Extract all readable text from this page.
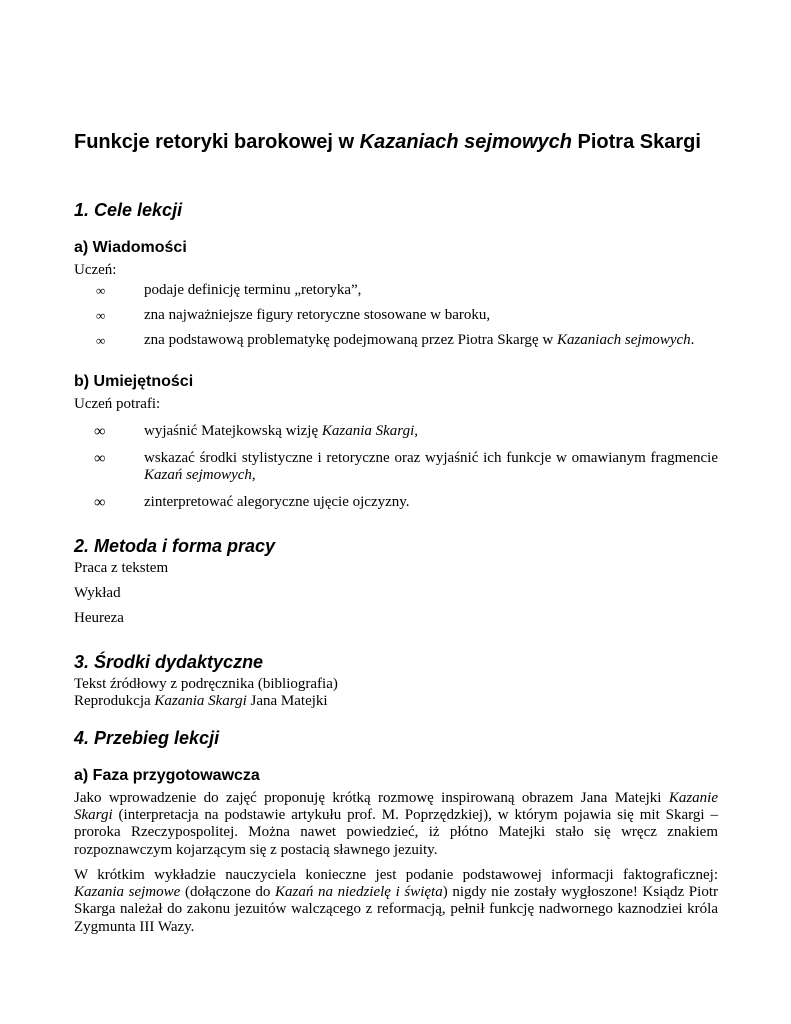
Funkcje retoryki barokowej w Kazaniach sejmowych Piotra Skargi
1. Cele lekcji
a) Wiadomości
Uczeń:
∞	podaje definicję terminu „retoryka”,
∞	zna najważniejsze figury retoryczne stosowane w baroku,
∞	zna podstawową problematykę podejmowaną przez Piotra Skargę w Kazaniach sejmowych.
b) Umiejętności
Uczeń potrafi:
∞	wyjaśnić Matejkowską wizję Kazania Skargi,
∞	wskazać środki stylistyczne i retoryczne oraz wyjaśnić ich funkcje w omawianym fragmencie Kazań sejmowych,
∞	zinterpretować alegoryczne ujęcie ojczyzny.
2. Metoda i forma pracy
Praca z tekstem
Wykład
Heureza
3. Środki dydaktyczne
Tekst źródłowy z podręcznika (bibliografia)
Reprodukcja Kazania Skargi Jana Matejki
4. Przebieg lekcji
a) Faza przygotowawcza
Jako wprowadzenie do zajęć proponuję krótką rozmowę inspirowaną obrazem Jana Matejki Kazanie Skargi (interpretacja na podstawie artykułu prof. M. Poprzędzkiej), w którym pojawia się mit Skargi – proroka Rzeczypospolitej. Można nawet powiedzieć, iż płótno Matejki stało się wręcz znakiem rozpoznawczym kojarzącym się z postacią sławnego jezuity.
W krótkim wykładzie nauczyciela konieczne jest podanie podstawowej informacji faktograficznej: Kazania sejmowe (dołączone do Kazań na niedzielę i święta) nigdy nie zostały wygłoszone! Ksiądz Piotr Skarga należał do zakonu jezuitów walczącego z reformacją, pełnił funkcję nadwornego kaznodziei króla Zygmunta III Wazy.
